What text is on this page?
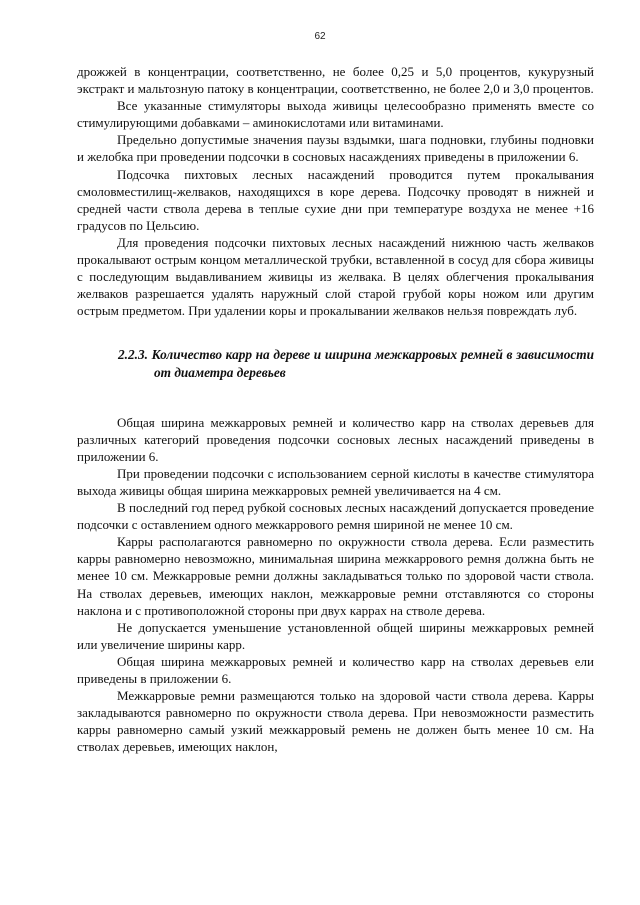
62

дрожжей в концентрации, соответственно, не более 0,25 и 5,0 процентов, кукурузный экстракт и мальтозную патоку в концентрации, соответственно, не более 2,0 и 3,0 процентов.

Все указанные стимуляторы выхода живицы целесообразно применять вместе со стимулирующими добавками – аминокислотами или витаминами.

Предельно допустимые значения паузы вздымки, шага подновки, глубины подновки и желобка при проведении подсочки в сосновых насаждениях приведены в приложении 6.

Подсочка пихтовых лесных насаждений проводится путем прокалывания смоловместилищ-желваков, находящихся в коре дерева. Подсочку проводят в нижней и средней части ствола дерева в теплые сухие дни при температуре воздуха не менее +16 градусов по Цельсию.

Для проведения подсочки пихтовых лесных насаждений нижнюю часть желваков прокалывают острым концом металлической трубки, вставленной в сосуд для сбора живицы с последующим выдавливанием живицы из желвака. В целях облегчения прокалывания желваков разрешается удалять наружный слой старой грубой коры ножом или другим острым предметом. При удалении коры и прокалывании желваков нельзя повреждать луб.

2.2.3. Количество карр на дереве и ширина межкарровых ремней в зависимости от диаметра деревьев

Общая ширина межкарровых ремней и количество карр на стволах деревьев для различных категорий проведения подсочки сосновых лесных насаждений приведены в приложении 6.

При проведении подсочки с использованием серной кислоты в качестве стимулятора выхода живицы общая ширина межкарровых ремней увеличивается на 4 см.

В последний год перед рубкой сосновых лесных насаждений допускается проведение подсочки с оставлением одного межкаррового ремня шириной не менее 10 см.

Карры располагаются равномерно по окружности ствола дерева. Если разместить карры равномерно невозможно, минимальная ширина межкаррового ремня должна быть не менее 10 см. Межкарровые ремни должны закладываться только по здоровой части ствола. На стволах деревьев, имеющих наклон, межкарровые ремни отставляются со стороны наклона и с противоположной стороны при двух каррах на стволе дерева.

Не допускается уменьшение установленной общей ширины межкарровых ремней или увеличение ширины карр.

Общая ширина межкарровых ремней и количество карр на стволах деревьев ели приведены в приложении 6.

Межкарровые ремни размещаются только на здоровой части ствола дерева. Карры закладываются равномерно по окружности ствола дерева. При невозможности разместить карры равномерно самый узкий межкарровый ремень не должен быть менее 10 см. На стволах деревьев, имеющих наклон,
